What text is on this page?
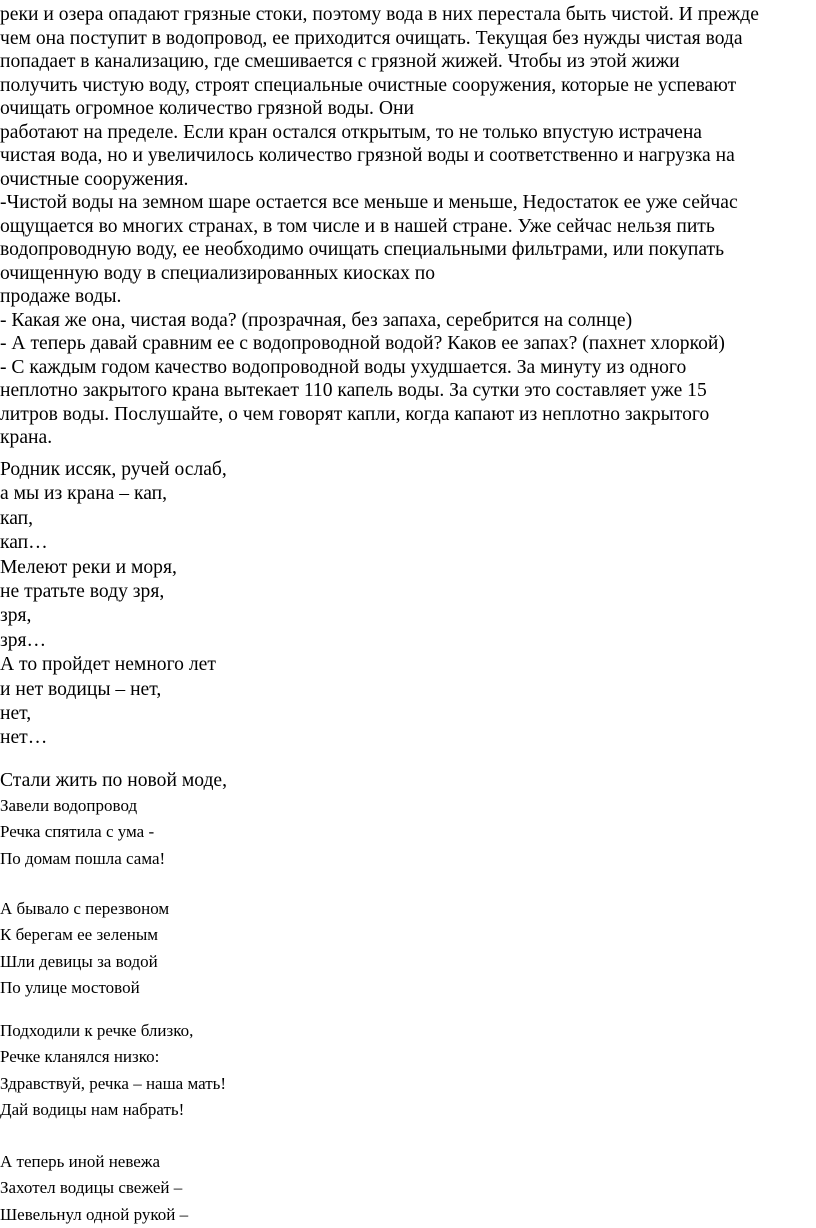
реки и озера опадают грязные стоки, поэтому вода в них перестала быть чистой. И прежде
чем она поступит в водопровод, ее приходится очищать. Текущая без нужды чистая вода
попадает в канализацию, где смешивается с грязной жижей. Чтобы из этой жижи
получить чистую воду, строят специальные очистные сооружения, которые не успевают
очищать огромное количество грязной воды. Они
работают на пределе. Если кран остался открытым, то не только впустую истрачена
чистая вода, но и увеличилось количество грязной воды и соответственно и нагрузка на
очистные сооружения.
-Чистой воды на земном шаре остается все меньше и меньше, Недостаток ее уже сейчас
ощущается во многих странах, в том числе и в нашей стране. Уже сейчас нельзя пить
водопроводную воду, ее необходимо очищать специальными фильтрами, или покупать
очищенную воду в специализированных киосках по
продаже воды.
- Какая же она, чистая вода? (прозрачная, без запаха, серебрится на солнце)
- А теперь давай сравним ее с водопроводной водой? Каков ее запах? (пахнет хлоркой)
- С каждым годом качество водопроводной воды ухудшается. За минуту из одного
неплотно закрытого крана вытекает 110 капель воды. За сутки это составляет уже 15
литров воды. Послушайте, о чем говорят капли, когда капают из неплотно закрытого
крана.
Родник иссяк, ручей ослаб,
а мы из крана – кап,
кап,
кап…
Мелеют реки и моря,
не тратьте воду зря,
зря,
зря…
А то пройдет немного лет
и нет водицы – нет,
нет,
нет…
Стали жить по новой моде,
Завели водопровод
Речка спятила с ума -
По домам пошла сама!
А бывало с перезвоном
К берегам ее зеленым
Шли девицы за водой
По улице мостовой
Подходили к речке близко,
Речке кланялся низко:
Здравствуй, речка – наша мать!
Дай водицы нам набрать!
А теперь иной невежа
Захотел водицы свежей –
Шевельнул одной рукой –
